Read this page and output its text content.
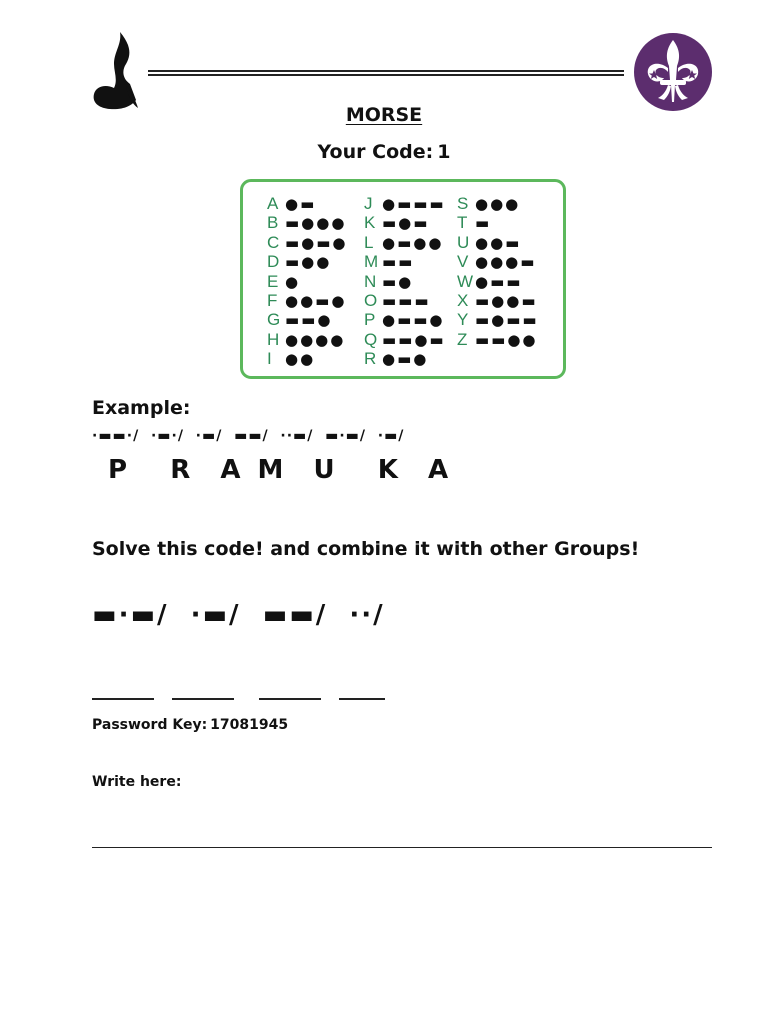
MORSE
Your Code: 1
A ●▬
B ▬●●●
C ▬●▬●
D ▬●●
E ●
F ●●▬●
G ▬▬●
H ●●●●
I ●●
J ●▬▬▬
K ▬●▬
L ●▬●●
M ▬▬
N ▬●
O ▬▬▬
P ●▬▬●
Q ▬▬●▬
R ●▬●
S ●●●
T ▬
U ●●▬
V ●●●▬
W ●▬▬
X ▬●●▬
Y ▬●▬▬
Z ▬▬●●
Example:
·▬▬·/  ·▬·/  ·▬/  ▬▬/  ··▬/  ▬·▬/  ·▬/
P   R  A M  U   K  A
Solve this code! and combine it with other Groups!
▬·▬/  ·▬/  ▬▬/  ··/
Password Key: 17081945
Write here:
